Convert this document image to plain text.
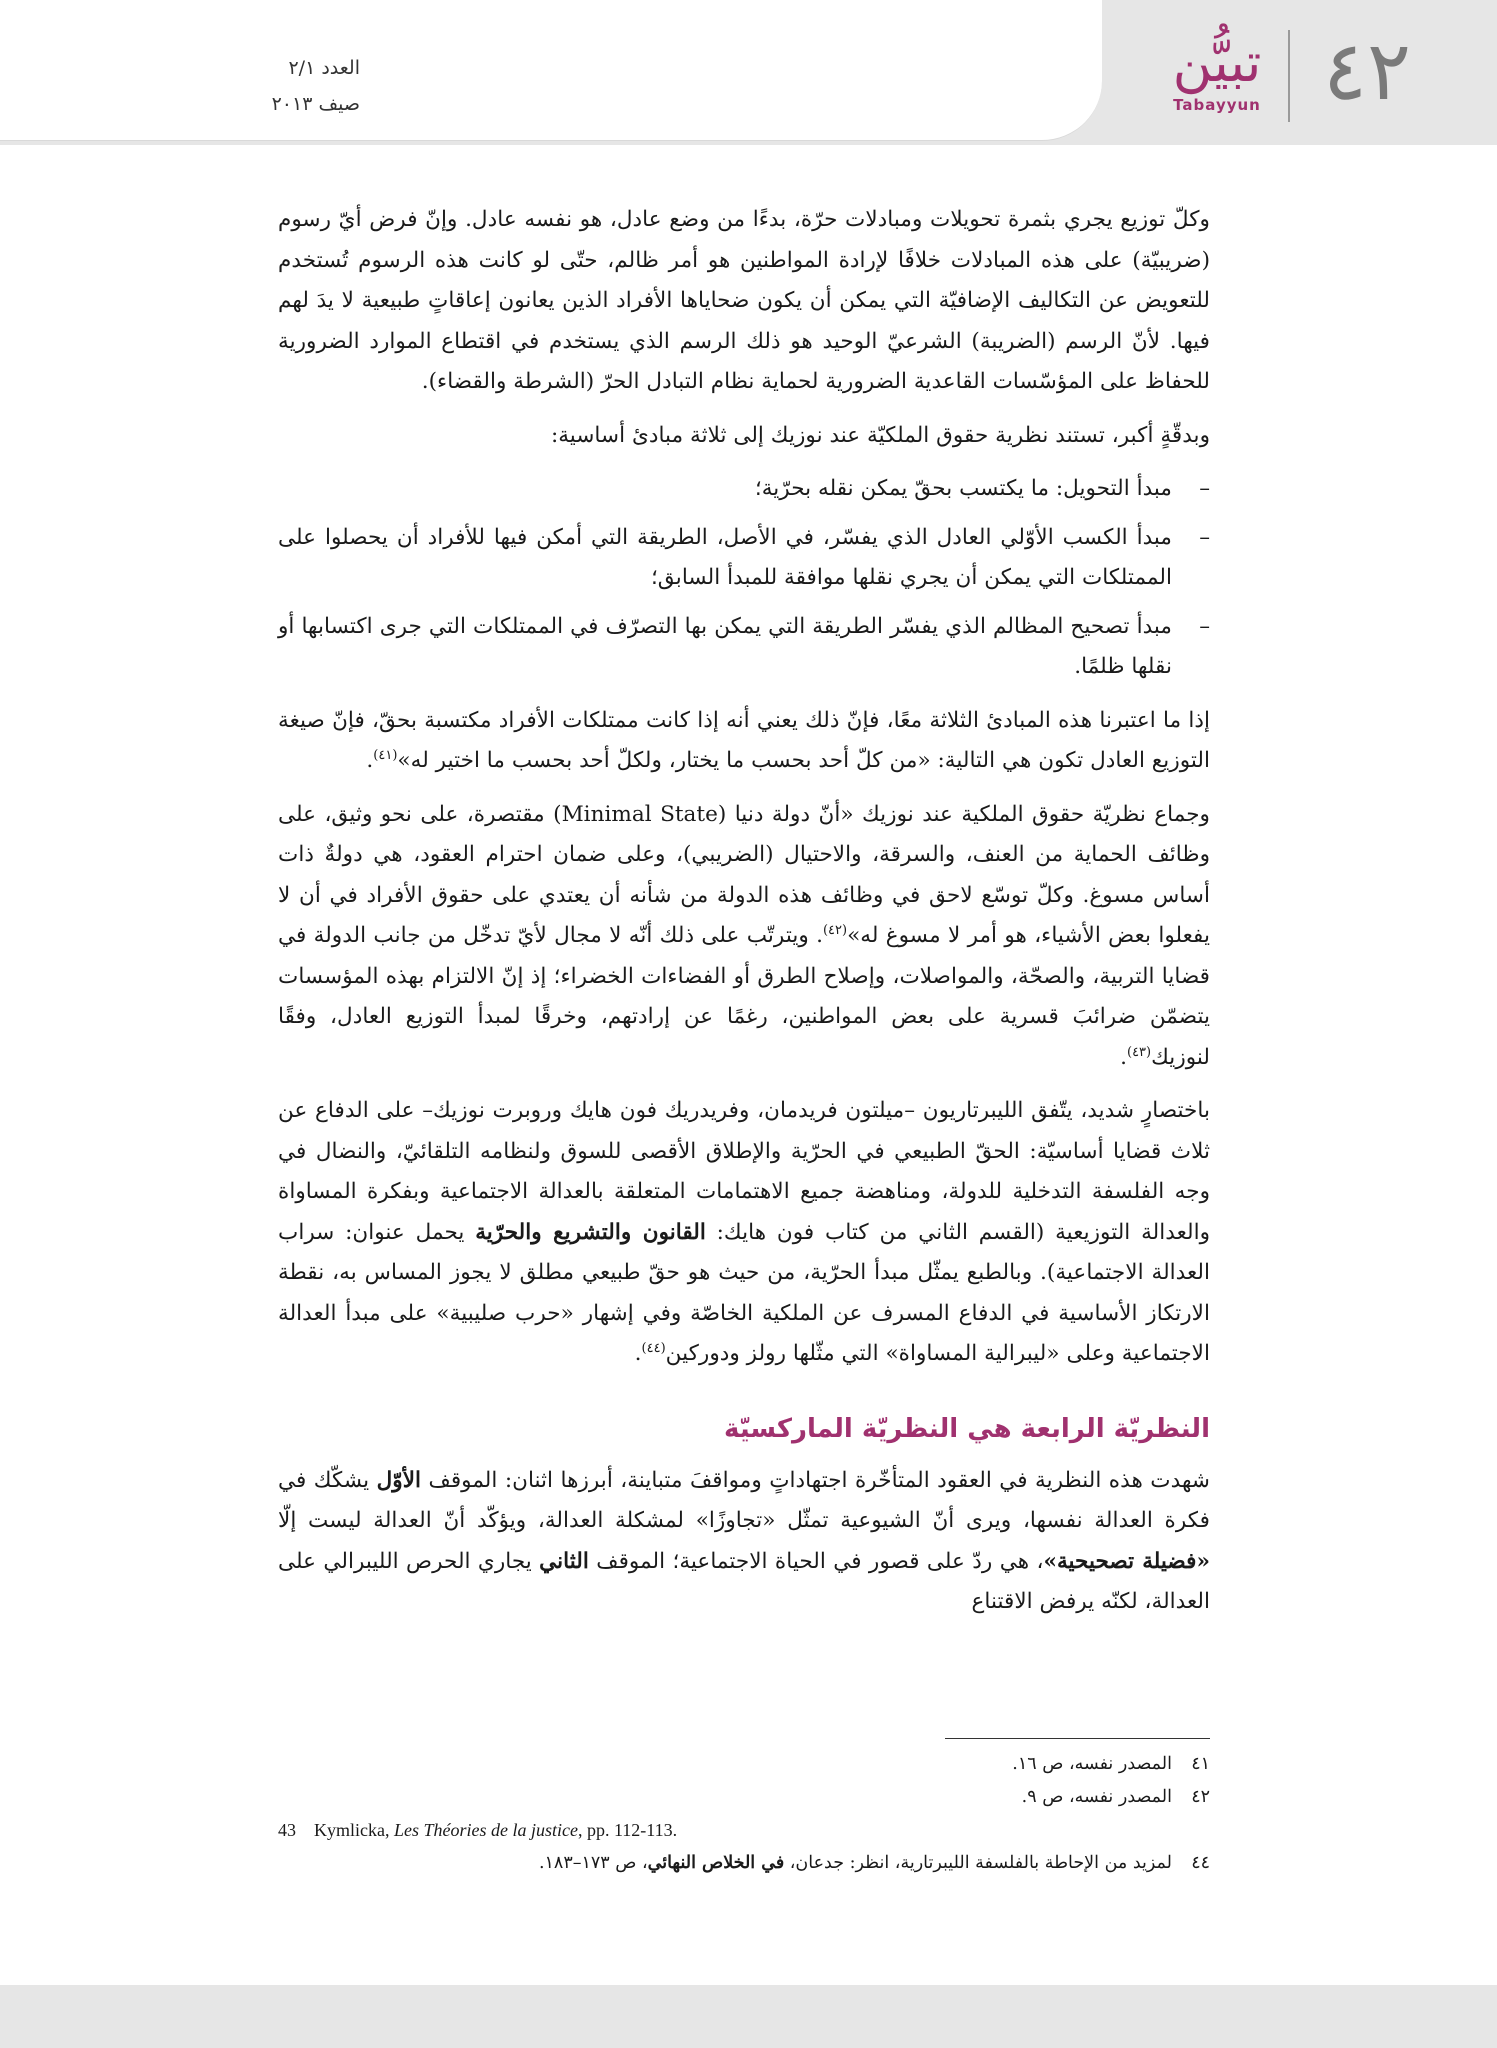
العدد ٢/١
صيف ٢٠١٣
تبيُّن
Tabayyun ٤٢

وكلّ توزيع يجري بثمرة تحويلات ومبادلات حرّة، بدءًا من وضع عادل، هو نفسه عادل. وإنّ فرض أيّ رسوم (ضريبيّة) على هذه المبادلات خلافًا لإرادة المواطنين هو أمر ظالم، حتّى لو كانت هذه الرسوم تُستخدم للتعويض عن التكاليف الإضافيّة التي يمكن أن يكون ضحاياها الأفراد الذين يعانون إعاقاتٍ طبيعية لا يدَ لهم فيها. لأنّ الرسم (الضريبة) الشرعيّ الوحيد هو ذلك الرسم الذي يستخدم في اقتطاع الموارد الضرورية للحفاظ على المؤسّسات القاعدية الضرورية لحماية نظام التبادل الحرّ (الشرطة والقضاء).

وبدقّةٍ أكبر، تستند نظرية حقوق الملكيّة عند نوزيك إلى ثلاثة مبادئ أساسية:

–
مبدأ التحويل: ما يكتسب بحقّ يمكن نقله بحرّية؛
–
مبدأ الكسب الأوّلي العادل الذي يفسّر، في الأصل، الطريقة التي أمكن فيها للأفراد أن يحصلوا على الممتلكات التي يمكن أن يجري نقلها موافقة للمبدأ السابق؛
–
مبدأ تصحيح المظالم الذي يفسّر الطريقة التي يمكن بها التصرّف في الممتلكات التي جرى اكتسابها أو نقلها ظلمًا.

إذا ما اعتبرنا هذه المبادئ الثلاثة معًا، فإنّ ذلك يعني أنه إذا كانت ممتلكات الأفراد مكتسبة بحقّ، فإنّ صيغة التوزيع العادل تكون هي التالية: «من كلّ أحد بحسب ما يختار، ولكلّ أحد بحسب ما اختير له»$^{(٤١)}$.

وجماع نظريّة حقوق الملكية عند نوزيك «أنّ دولة دنيا (Minimal State) مقتصرة، على نحو وثيق، على وظائف الحماية من العنف، والسرقة، والاحتيال (الضريبي)، وعلى ضمان احترام العقود، هي دولةٌ ذات أساس مسوغ. وكلّ توسّع لاحق في وظائف هذه الدولة من شأنه أن يعتدي على حقوق الأفراد في أن لا يفعلوا بعض الأشياء، هو أمر لا مسوغ له»$^{(٤٢)}$. ويترتّب على ذلك أنّه لا مجال لأيّ تدخّل من جانب الدولة في قضايا التربية، والصحّة، والمواصلات، وإصلاح الطرق أو الفضاءات الخضراء؛ إذ إنّ الالتزام بهذه المؤسسات يتضمّن ضرائبَ قسرية على بعض المواطنين، رغمًا عن إرادتهم، وخرقًا لمبدأ التوزيع العادل، وفقًا لنوزيك$^{(٤٣)}$.

باختصارٍ شديد، يتّفق الليبرتاريون –ميلتون فريدمان، وفريدريك فون هايك وروبرت نوزيك– على الدفاع عن ثلاث قضايا أساسيّة: الحقّ الطبيعي في الحرّية والإطلاق الأقصى للسوق ولنظامه التلقائيّ، والنضال في وجه الفلسفة التدخلية للدولة، ومناهضة جميع الاهتمامات المتعلقة بالعدالة الاجتماعية وبفكرة المساواة والعدالة التوزيعية (القسم الثاني من كتاب فون هايك: القانون والتشريع والحرّية يحمل عنوان: سراب العدالة الاجتماعية). وبالطبع يمثّل مبدأ الحرّية، من حيث هو حقّ طبيعي مطلق لا يجوز المساس به، نقطة الارتكاز الأساسية في الدفاع المسرف عن الملكية الخاصّة وفي إشهار «حرب صليبية» على مبدأ العدالة الاجتماعية وعلى «ليبرالية المساواة» التي مثّلها رولز ودوركين$^{(٤٤)}$.

النظريّة الرابعة هي النظريّة الماركسيّة

شهدت هذه النظرية في العقود المتأخّرة اجتهاداتٍ ومواقفَ متباينة، أبرزها اثنان: الموقف الأوّل يشكّك في فكرة العدالة نفسها، ويرى أنّ الشيوعية تمثّل «تجاوزًا» لمشكلة العدالة، ويؤكّد أنّ العدالة ليست إلّا «فضيلة تصحيحية»، هي ردّ على قصور في الحياة الاجتماعية؛ الموقف الثاني يجاري الحرص الليبرالي على العدالة، لكنّه يرفض الاقتناع

٤١
المصدر نفسه، ص ١٦.
٤٢
المصدر نفسه، ص ٩.
43 Kymlicka, Les Théories de la justice, pp. 112-113.
٤٤
لمزيد من الإحاطة بالفلسفة الليبرتارية، انظر: جدعان، في الخلاص النهائي، ص ١٧٣–١٨٣.
